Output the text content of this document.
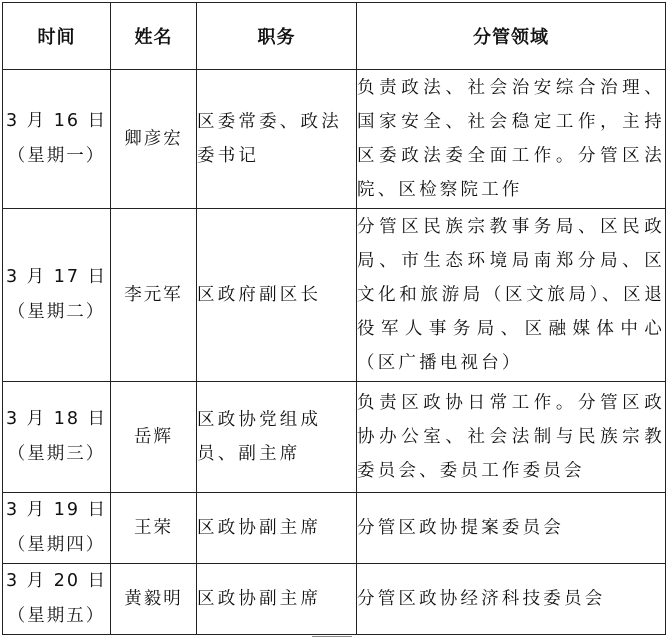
时间	姓名	职务	分管领域

3 月 16 日
（星期一）	卿彦宏	区委常委、政法委书记	负责政法、社会治安综合治理、国家安全、社会稳定工作，主持区委政法委全面工作。分管区法院、区检察院工作

3 月 17 日
（星期二）	李元军	区政府副区长	分管区民族宗教事务局、区民政局、市生态环境局南郑分局、区文化和旅游局（区文旅局）、区退役军人事务局、区融媒体中心（区广播电视台）

3 月 18 日
（星期三）	岳辉	区政协党组成员、副主席	负责区政协日常工作。分管区政协办公室、社会法制与民族宗教委员会、委员工作委员会

3 月 19 日
（星期四）	王荣	区政协副主席	分管区政协提案委员会

3 月 20 日
（星期五）	黄毅明	区政协副主席	分管区政协经济科技委员会
